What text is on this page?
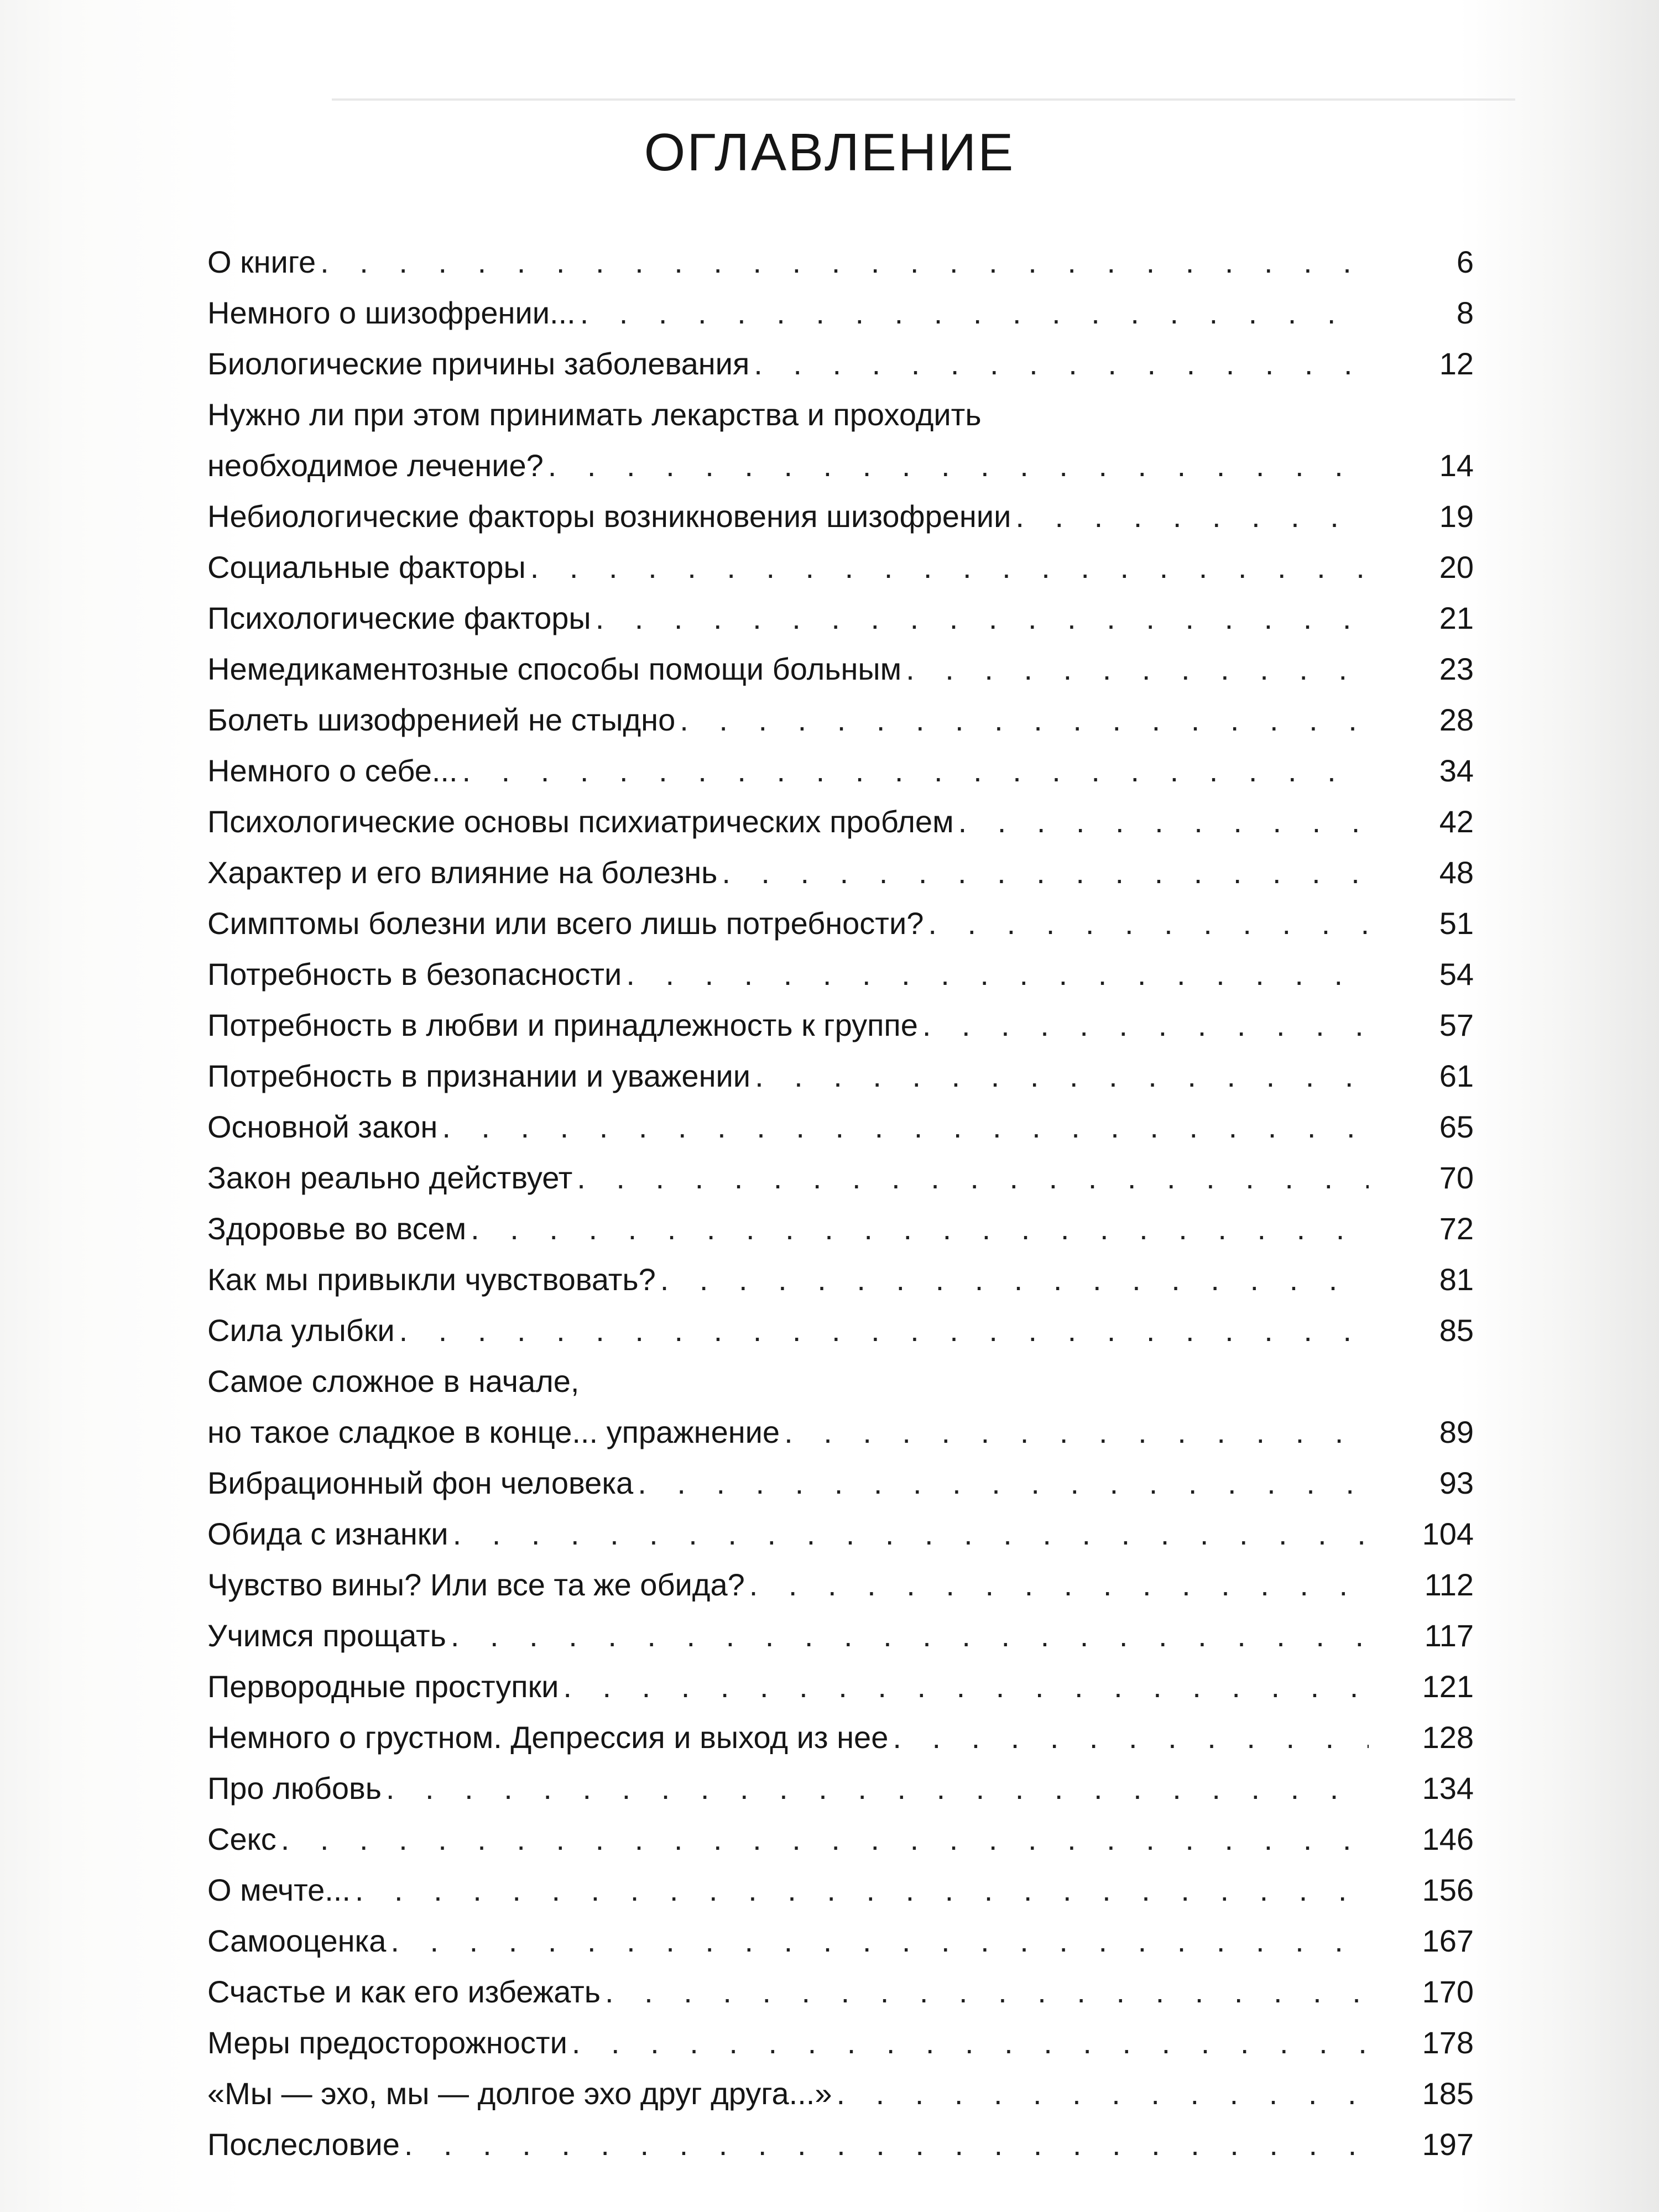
ОГЛАВЛЕНИЕ
О книге . . .	6
Немного о шизофрении... . . .	8
Биологические причины заболевания . . .	12
Нужно ли при этом принимать лекарства и проходить
необходимое лечение? . . .	14
Небиологические факторы возникновения шизофрении . . .	19
Социальные факторы . . .	20
Психологические факторы . . .	21
Немедикаментозные способы помощи больным . . .	23
Болеть шизофренией не стыдно . . .	28
Немного о себе... . . .	34
Психологические основы психиатрических проблем . . .	42
Характер и его влияние на болезнь . . .	48
Симптомы болезни или всего лишь потребности? . . .	51
Потребность в безопасности . . .	54
Потребность в любви и принадлежность к группе . . .	57
Потребность в признании и уважении . . .	61
Основной закон . . .	65
Закон реально действует . . .	70
Здоровье во всем . . .	72
Как мы привыкли чувствовать? . . .	81
Сила улыбки . . .	85
Самое сложное в начале,
но такое сладкое в конце... упражнение . . .	89
Вибрационный фон человека . . .	93
Обида с изнанки . . .	104
Чувство вины? Или все та же обида? . . .	112
Учимся прощать . . .	117
Первородные проступки . . .	121
Немного о грустном. Депрессия и выход из нее . . .	128
Про любовь . . .	134
Секс . . .	146
О мечте... . . .	156
Самооценка . . .	167
Счастье и как его избежать . . .	170
Меры предосторожности . . .	178
«Мы — эхо, мы — долгое эхо друг друга...» . . .	185
Послесловие . . .	197
